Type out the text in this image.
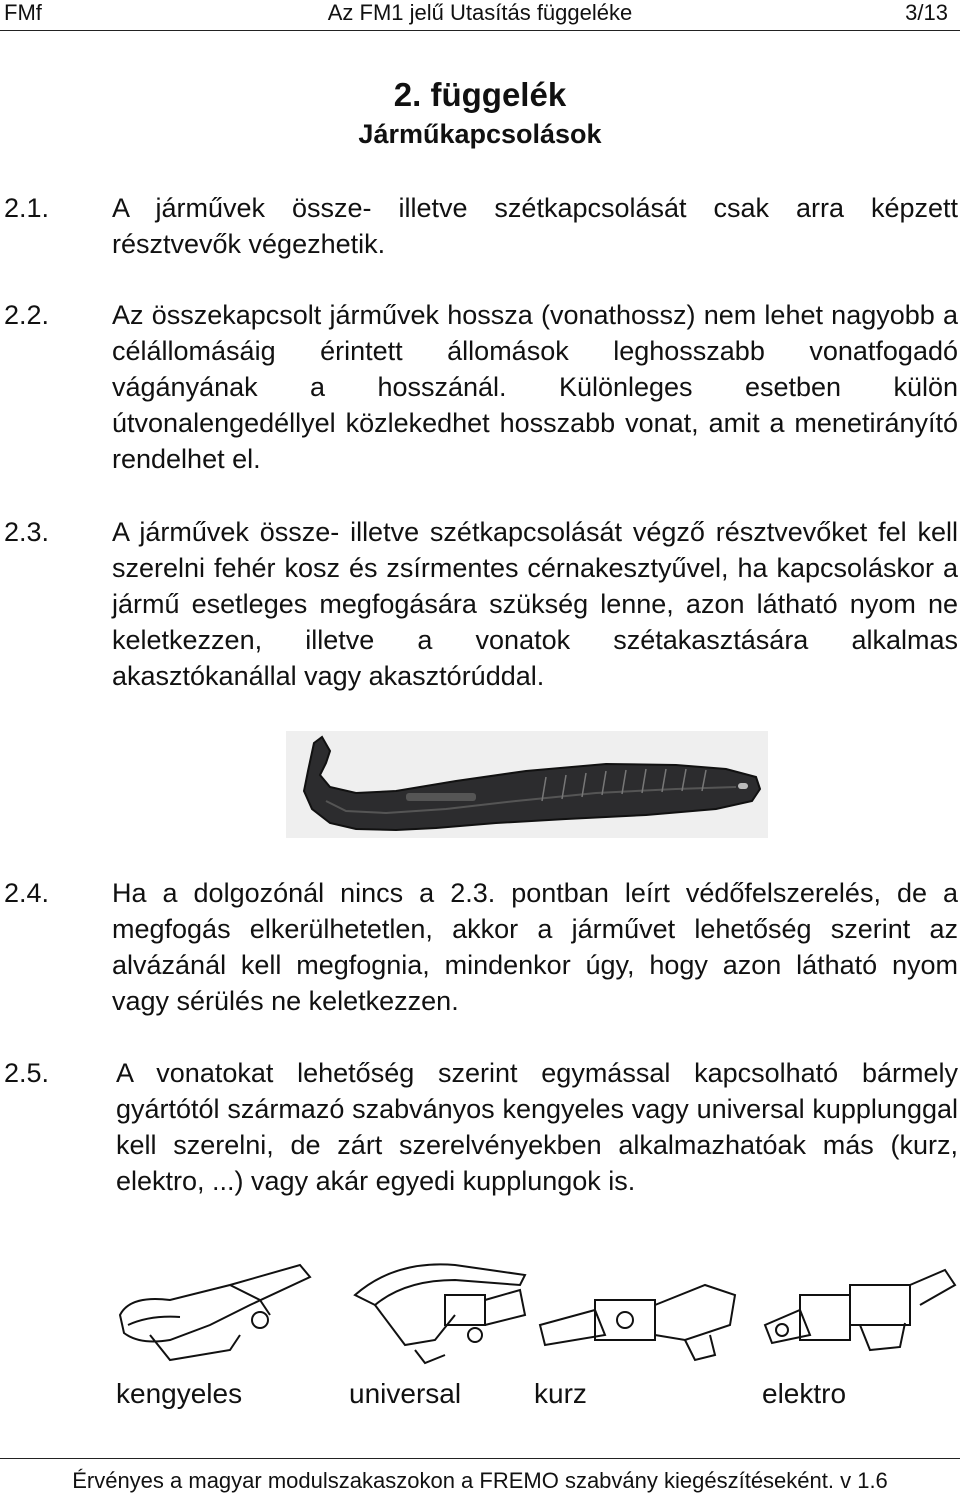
FMf	Az FM1 jelű Utasítás függeléke	3/13
2. függelék
Járműkapcsolások
2.1. A járművek össze- illetve szétkapcsolását csak arra képzett résztvevők végezhetik.
2.2. Az összekapcsolt járművek hossza (vonathossz) nem lehet nagyobb a célállomásáig érintett állomások leghosszabb vonatfogadó vágányának a hosszánál. Különleges esetben külön útvonalengedéllyel közlekedhet hosszabb vonat, amit a menetirányító rendelhet el.
2.3. A járművek össze- illetve szétkapcsolását végző résztvevőket fel kell szerelni fehér kosz és zsírmentes cérnakesztyűvel, ha kapcsoláskor a jármű esetleges megfogására szükség lenne, azon látható nyom ne keletkezzen, illetve a vonatok szétakasztására alkalmas akasztókanállal vagy akasztórúddal.
2.4. Ha a dolgozónál nincs a 2.3. pontban leírt védőfelszerelés, de a megfogás elkerülhetetlen, akkor a járművet lehetőség szerint az alvázánál kell megfognia, mindenkor úgy, hogy azon látható nyom vagy sérülés ne keletkezzen.
2.5. A vonatokat lehetőség szerint egymással kapcsolható bármely gyártótól származó szabványos kengyeles vagy universal kupplunggal kell szerelni, de zárt szerelvényekben alkalmazhatóak más (kurz, elektro, ...) vagy akár egyedi kupplungok is.
kengyeles	universal	kurz	elektro
Érvényes a magyar modulszakaszokon a FREMO szabvány kiegészítéseként. v 1.6
